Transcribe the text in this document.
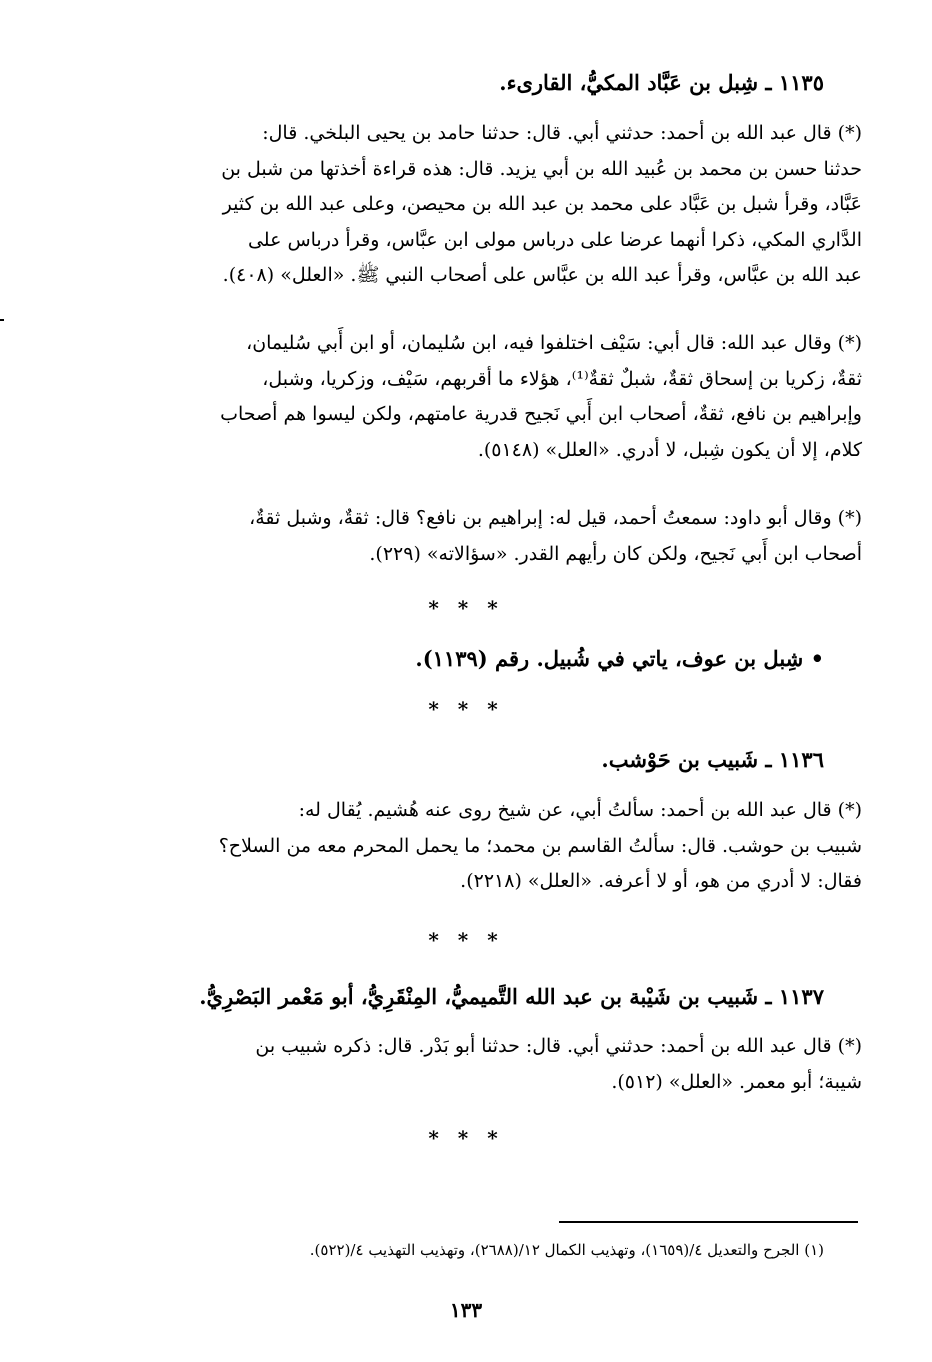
١١٣٥ ـ شِبل بن عَبَّاد المكيُّ، القارىء.
(*) قال عبد الله بن أحمد: حدثني أبي. قال: حدثنا حامد بن يحيى البلخي. قال:
حدثنا حسن بن محمد بن عُبيد الله بن أبي يزيد. قال: هذه قراءة أخذتها من شبل بن
عَبَّاد، وقرأ شبل بن عَبَّاد على محمد بن عبد الله بن محيصن، وعلى عبد الله بن كثير
الدَّاري المكي، ذكرا أنهما عرضا على درباس مولى ابن عبَّاس، وقرأ درباس على
عبد الله بن عبَّاس، وقرأ عبد الله بن عبَّاس على أصحاب النبي ﷺ. «العلل» (٤٠٨).
(*) وقال عبد الله: قال أبي: سَيْف اختلفوا فيه، ابن سُليمان، أو ابن أَبي سُليمان،
ثقةٌ، زكريا بن إسحاق ثقةٌ، شبلٌ ثقةٌ⁽¹⁾، هؤلاء ما أقربهم، سَيْف، وزكريا، وشبل،
وإبراهيم بن نافع، ثقةٌ، أصحاب ابن أَبي نَجيح قدرية عامتهم، ولكن ليسوا هم أصحاب
كلام، إلا أن يكون شِبل، لا أدري. «العلل» (٥١٤٨).
(*) وقال أبو داود: سمعتُ أحمد، قيل له: إبراهيم بن نافع؟ قال: ثقةٌ، وشبل ثقةٌ،
أصحاب ابن أَبي نَجيح، ولكن كان رأيهم القدر. «سؤالاته» (٢٢٩).
* * *
• شِبل بن عوف، ياتي في شُبيل. رقم (١١٣٩).
* * *
١١٣٦ ـ شَبيب بن حَوْشب.
(*) قال عبد الله بن أحمد: سألتُ أبي، عن شيخ روى عنه هُشيم. يُقال له:
شبيب بن حوشب. قال: سألتُ القاسم بن محمد؛ ما يحمل المحرم معه من السلاح؟
فقال: لا أدري من هو، أو لا أعرفه. «العلل» (٢٢١٨).
* * *
١١٣٧ ـ شَبيب بن شَيْبة بن عبد الله التَّميميُّ، المِنْقَرِيُّ، أبو مَعْمر البَصْرِيُّ.
(*) قال عبد الله بن أحمد: حدثني أبي. قال: حدثنا أبو بَدْر. قال: ذكره شبيب بن
شيبة؛ أبو معمر. «العلل» (٥١٢).
* * *
(١) الجرح والتعديل ٤/(١٦٥٩)، وتهذيب الكمال ١٢/(٢٦٨٨)، وتهذيب التهذيب ٤/(٥٢٢).
١٣٣
